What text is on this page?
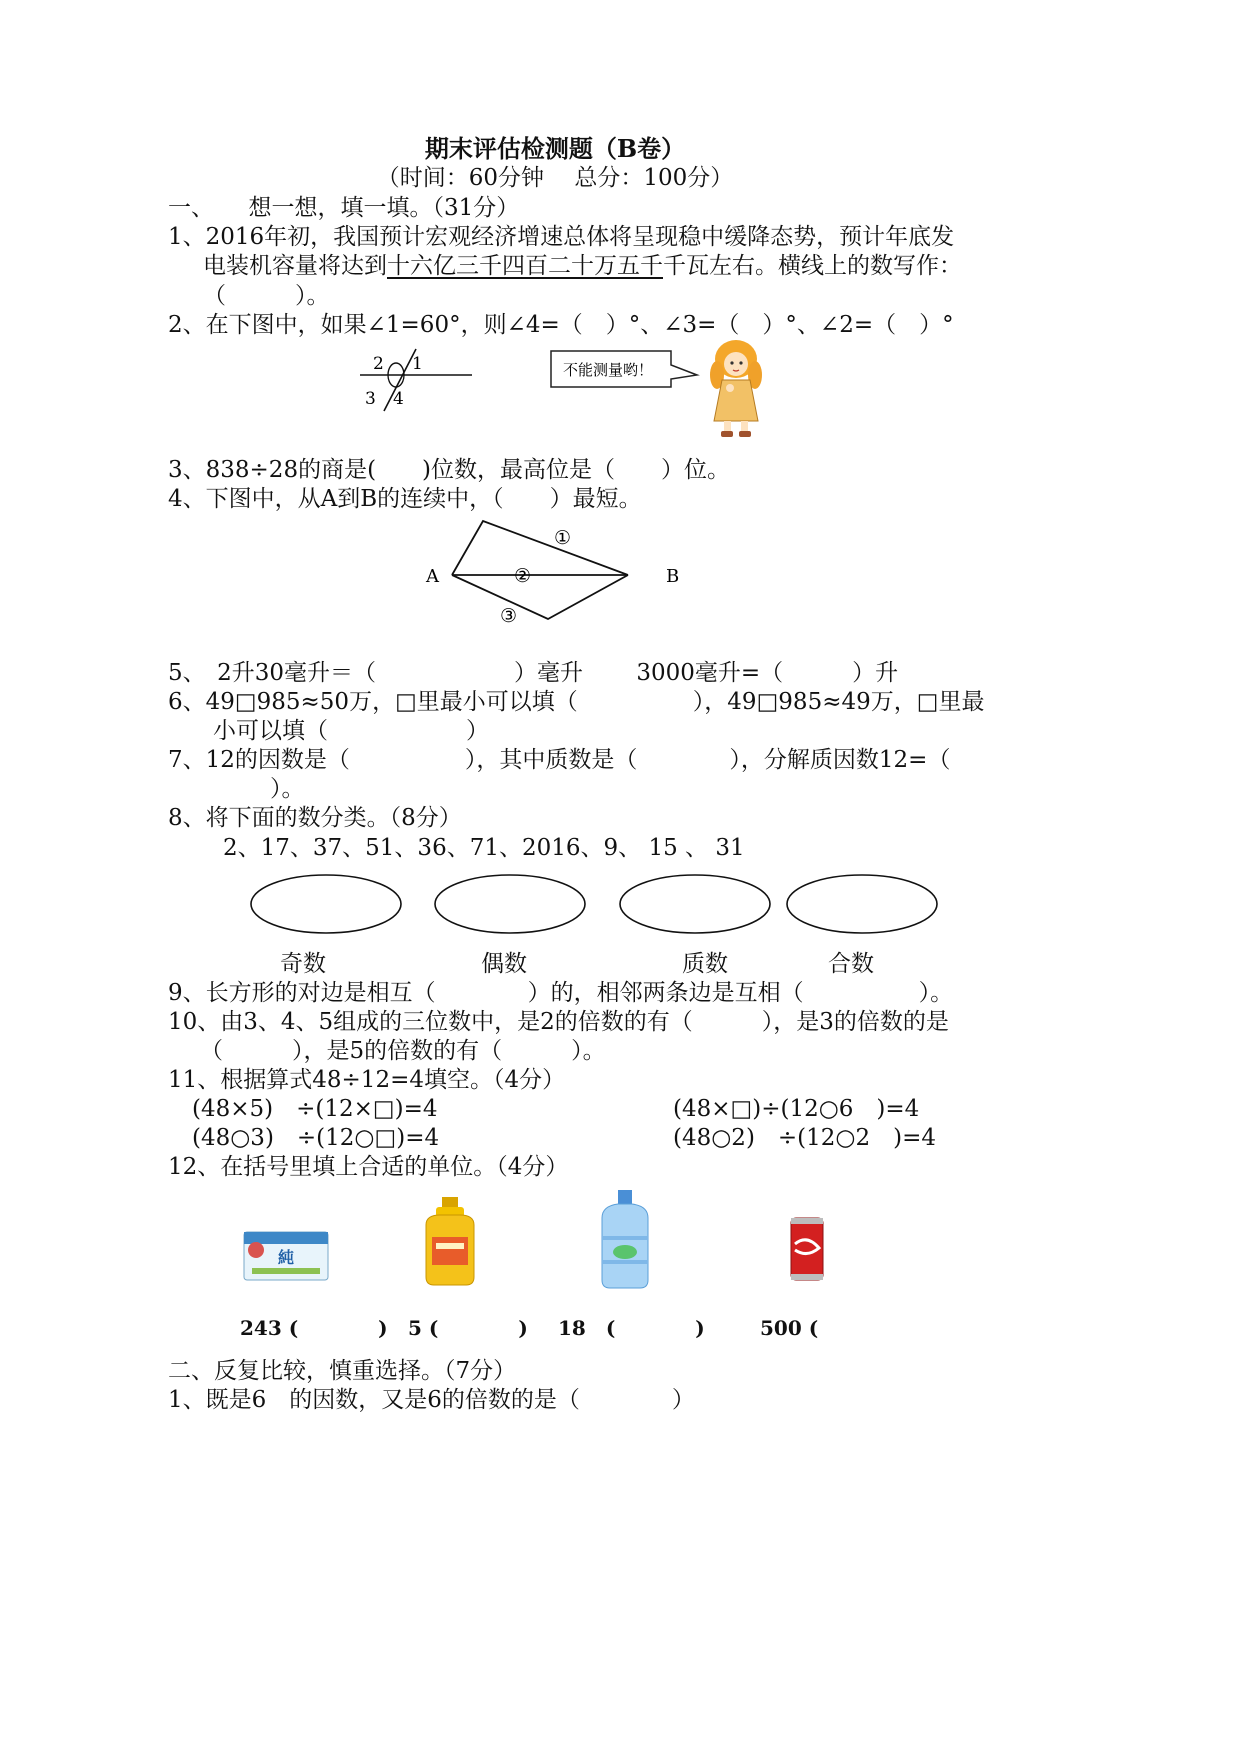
期末评估检测题（B卷）
（时间：60分钟　 总分：100分）
一、　　想一想，填一填。（31分）
1、2016年初，我国预计宏观经济增速总体将呈现稳中缓降态势，预计年底发
电装机容量将达到十六亿三千四百二十万五千千瓦左右。横线上的数写作：
（　　　）。
2、在下图中，如果∠1=60°，则∠4=（　）°、∠3=（　）°、∠2=（　）°
2 1
3 4
不能测量哟！
3、838÷28的商是(　　)位数，最高位是（　　）位。
4、下图中，从A到B的连续中，（　　）最短。
A	B
①
②
③
5、　2升30毫升＝（　　　　　　）毫升　　 3000毫升=（　　　）升
6、49□985≈50万，□里最小可以填（　　　　　），49□985≈49万，□里最
小可以填（　　　　　　）
7、12的因数是（　　　　　），其中质数是（　　　　），分解质因数12=（
）。
8、将下面的数分类。（8分）
2、17、37、51、36、71、2016、9、 15 、 31
奇数	偶数	质数	合数
9、长方形的对边是相互（　　　　）的，相邻两条边是互相（　　　　　）。
10、由3、4、5组成的三位数中，是2的倍数的有（　　　），是3的倍数的是
（　　　），是5的倍数的有（　　　）。
11、根据算式48÷12=4填空。（4分）
(48×5)　÷(12×□)=4	(48×□)÷(12○6　)=4
(48○3)　÷(12○□)=4	(48○2)　÷(12○2　)=4
12、在括号里填上合适的单位。（4分）
純
243 (　　　　) 5 (　　　　) 18　(　　　　)	500 (　　　　
二、反复比较，慎重选择。（7分）
1、既是6　的因数，又是6的倍数的是（　　　　）
